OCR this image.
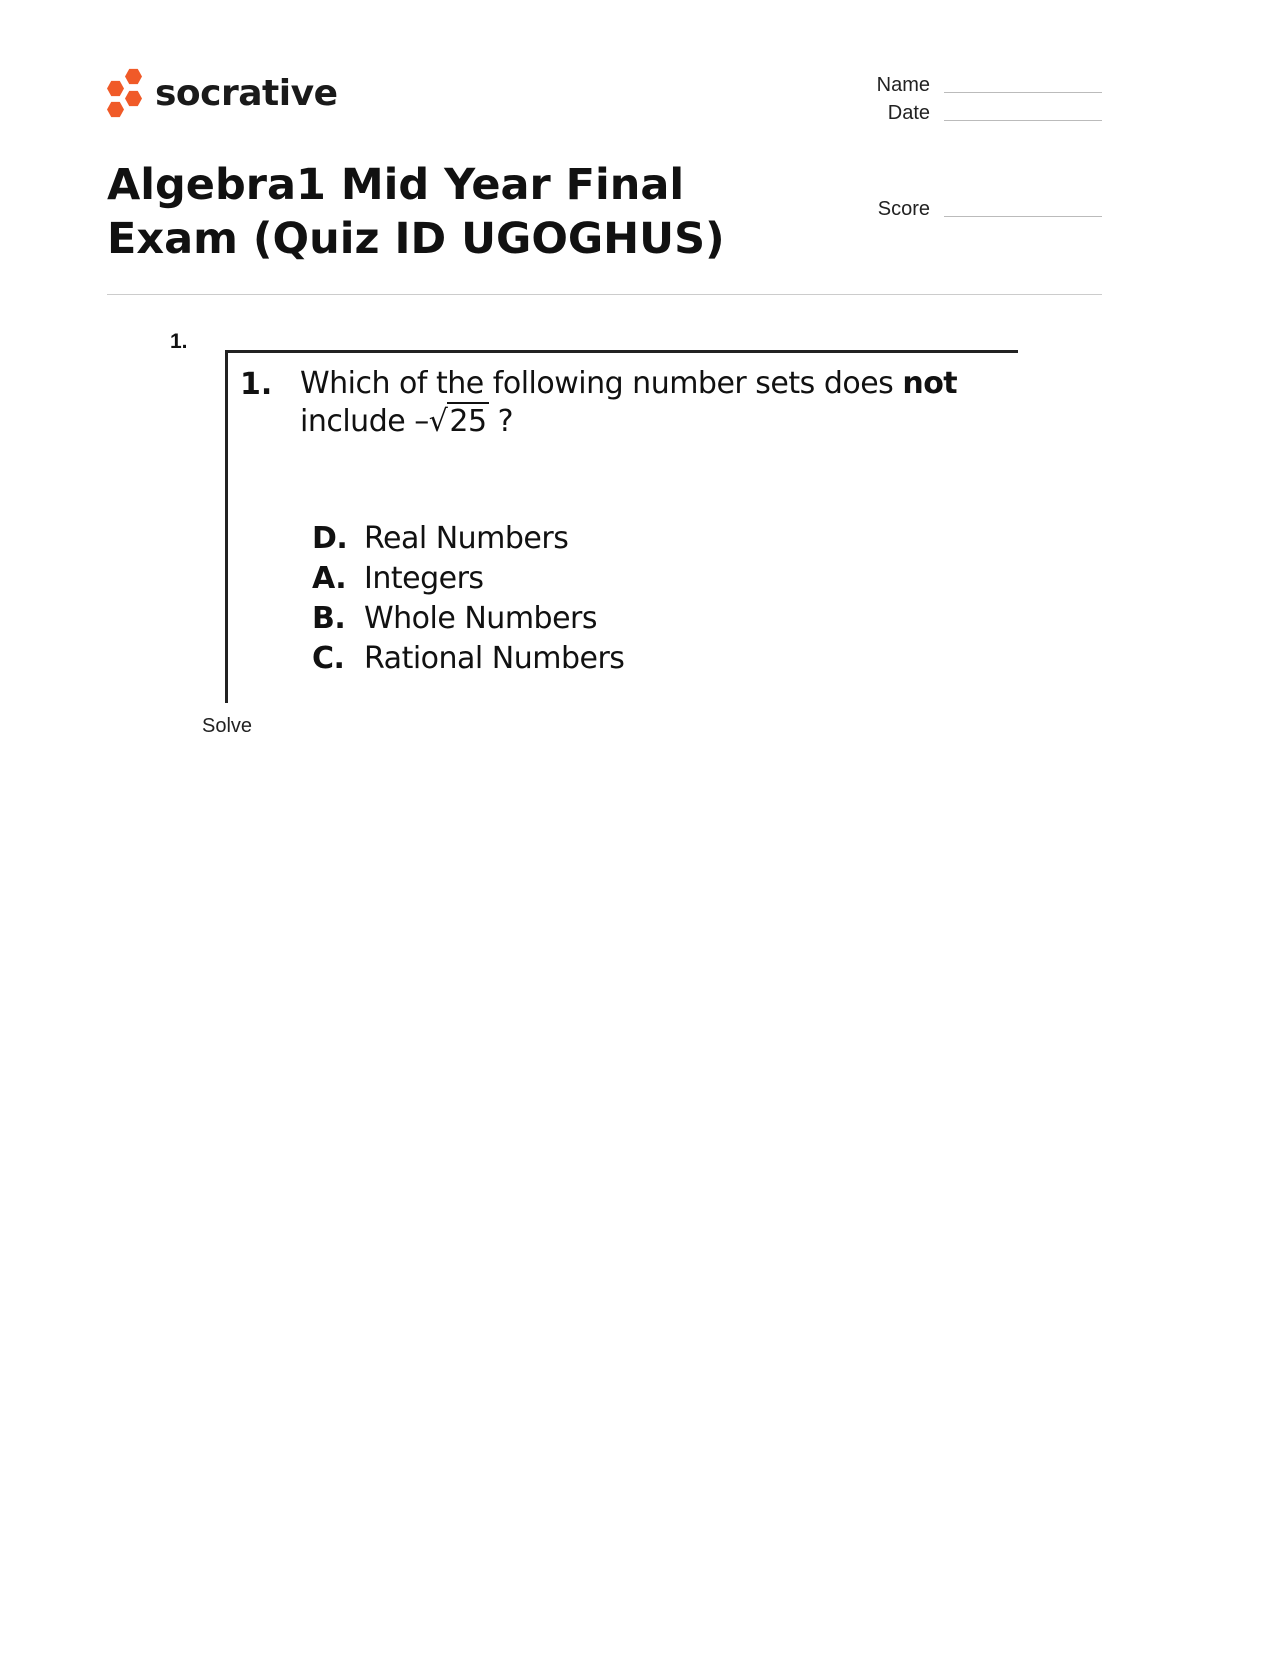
socrative	Name
Date
Score
Algebra1 Mid Year Final Exam (Quiz ID UGOGHUS)
1.
1. Which of the following number sets does not
include –√25 ?
D. Real Numbers
A. Integers
B. Whole Numbers
C. Rational Numbers
Solve
